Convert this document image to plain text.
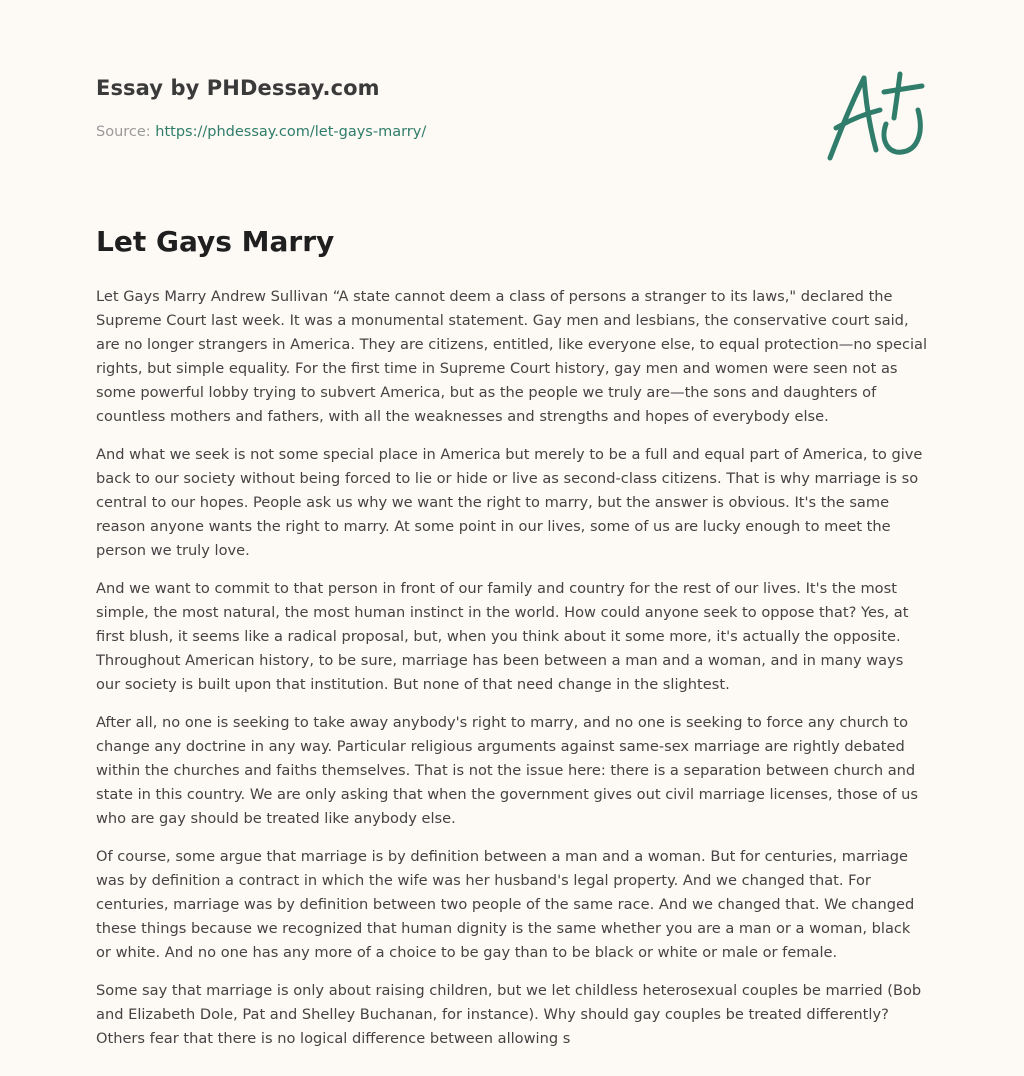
Essay by PHDessay.com
Source: https://phdessay.com/let-gays-marry/
Let Gays Marry

Let Gays Marry Andrew Sullivan “A state cannot deem a class of persons a stranger to its laws," declared the Supreme Court last week. It was a monumental statement. Gay men and lesbians, the conservative court said, are no longer strangers in America. They are citizens, entitled, like everyone else, to equal protection—no special rights, but simple equality. For the first time in Supreme Court history, gay men and women were seen not as some powerful lobby trying to subvert America, but as the people we truly are—the sons and daughters of countless mothers and fathers, with all the weaknesses and strengths and hopes of everybody else.

And what we seek is not some special place in America but merely to be a full and equal part of America, to give back to our society without being forced to lie or hide or live as second-class citizens. That is why marriage is so central to our hopes. People ask us why we want the right to marry, but the answer is obvious. It's the same reason anyone wants the right to marry. At some point in our lives, some of us are lucky enough to meet the person we truly love.

And we want to commit to that person in front of our family and country for the rest of our lives. It's the most simple, the most natural, the most human instinct in the world. How could anyone seek to oppose that? Yes, at first blush, it seems like a radical proposal, but, when you think about it some more, it's actually the opposite. Throughout American history, to be sure, marriage has been between a man and a woman, and in many ways our society is built upon that institution. But none of that need change in the slightest.

After all, no one is seeking to take away anybody's right to marry, and no one is seeking to force any church to change any doctrine in any way. Particular religious arguments against same-sex marriage are rightly debated within the churches and faiths themselves. That is not the issue here: there is a separation between church and state in this country. We are only asking that when the government gives out civil marriage licenses, those of us who are gay should be treated like anybody else.

Of course, some argue that marriage is by definition between a man and a woman. But for centuries, marriage was by definition a contract in which the wife was her husband's legal property. And we changed that. For centuries, marriage was by definition between two people of the same race. And we changed that. We changed these things because we recognized that human dignity is the same whether you are a man or a woman, black or white. And no one has any more of a choice to be gay than to be black or white or male or female.

Some say that marriage is only about raising children, but we let childless heterosexual couples be married (Bob and Elizabeth Dole, Pat and Shelley Buchanan, for instance). Why should gay couples be treated differently? Others fear that there is no logical difference between allowing s
